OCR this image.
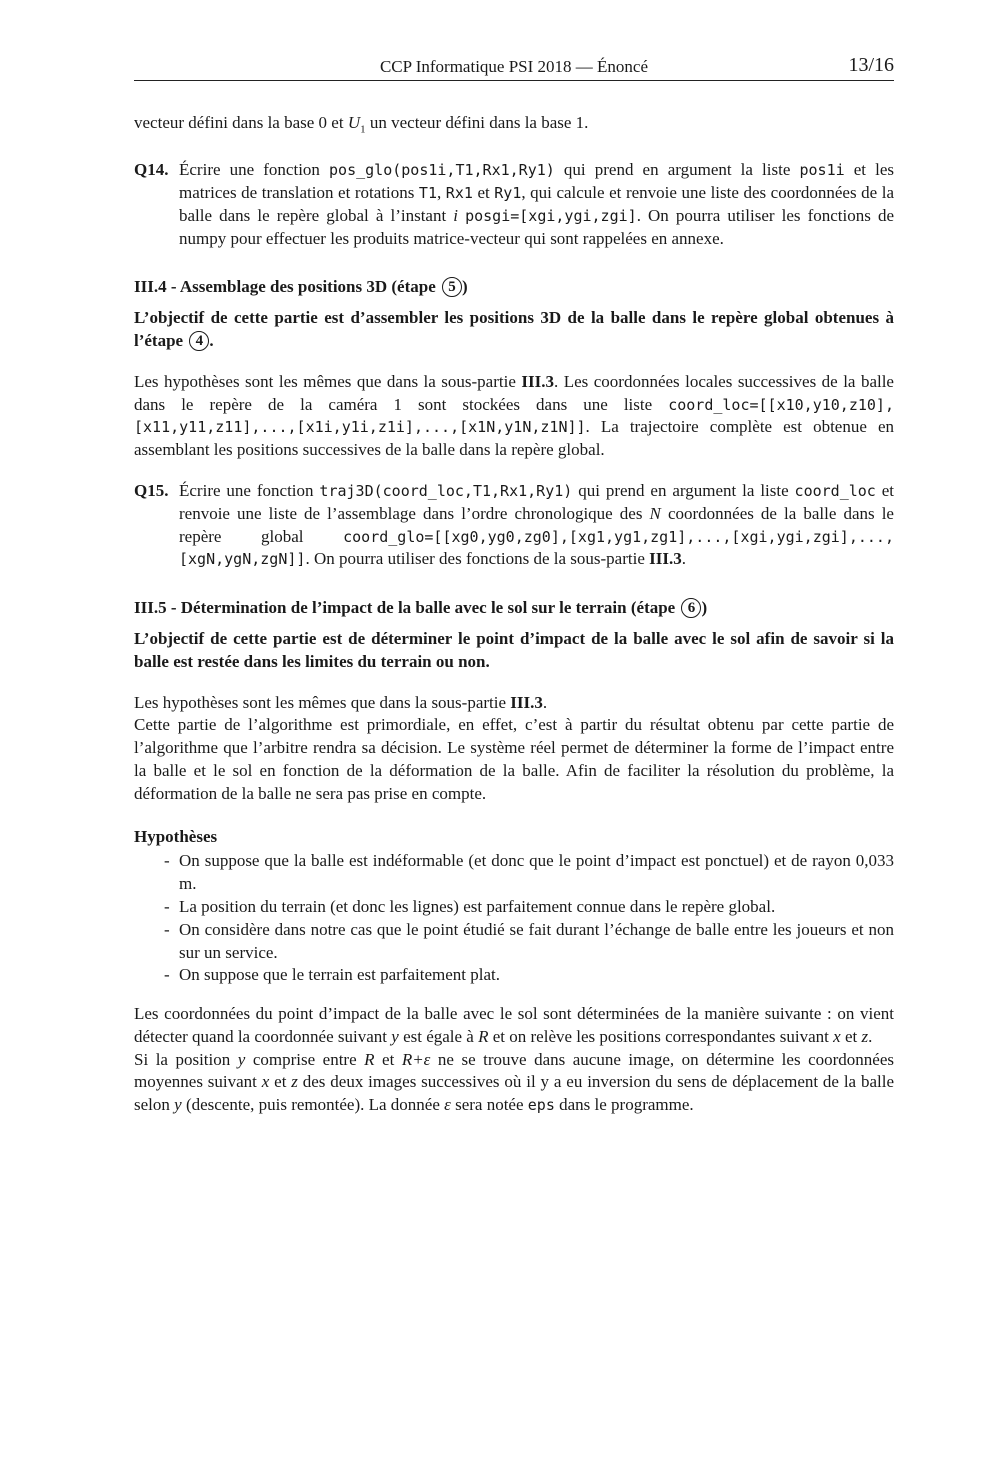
CCP Informatique PSI 2018 — Énoncé	13/16

vecteur défini dans la base 0 et $U_1$ un vecteur défini dans la base 1.

Q14. Écrire une fonction pos_glo(pos1i,T1,Rx1,Ry1) qui prend en argument la liste pos1i et les matrices de translation et rotations T1, Rx1 et Ry1, qui calcule et renvoie une liste des coordonnées de la balle dans le repère global à l’instant i posgi=[xgi,ygi,zgi]. On pourra utiliser les fonctions de numpy pour effectuer les produits matrice-vecteur qui sont rappelées en annexe.
III.4 - Assemblage des positions 3D (étape 5 )

L’objectif de cette partie est d’assembler les positions 3D de la balle dans le repère global obtenues à l’étape 4 .

Les hypothèses sont les mêmes que dans la sous-partie III.3. Les coordonnées locales successives de la balle dans le repère de la caméra 1 sont stockées dans une liste coord_loc=[[x10,y10,z10],[x11,y11,z11],...,[x1i,y1i,z1i],...,[x1N,y1N,z1N]]. La trajectoire complète est obtenue en assemblant les positions successives de la balle dans la repère global.

Q15. Écrire une fonction traj3D(coord_loc,T1,Rx1,Ry1) qui prend en argument la liste coord_loc et renvoie une liste de l’assemblage dans l’ordre chronologique des N coordonnées de la balle dans le repère global coord_glo=[[xg0,yg0,zg0],[xg1,yg1,zg1],...,[xgi,ygi,zgi],...,[xgN,ygN,zgN]]. On pourra utiliser des fonctions de la sous-partie III.3.
III.5 - Détermination de l’impact de la balle avec le sol sur le terrain (étape 6 )

L’objectif de cette partie est de déterminer le point d’impact de la balle avec le sol afin de savoir si la balle est restée dans les limites du terrain ou non.

Les hypothèses sont les mêmes que dans la sous-partie III.3.

Cette partie de l’algorithme est primordiale, en effet, c’est à partir du résultat obtenu par cette partie de l’algorithme que l’arbitre rendra sa décision. Le système réel permet de déterminer la forme de l’impact entre la balle et le sol en fonction de la déformation de la balle. Afin de faciliter la résolution du problème, la déformation de la balle ne sera pas prise en compte.

Hypothèses

- On suppose que la balle est indéformable (et donc que le point d’impact est ponctuel) et de rayon 0,033 m.
- La position du terrain (et donc les lignes) est parfaitement connue dans le repère global.
- On considère dans notre cas que le point étudié se fait durant l’échange de balle entre les joueurs et non sur un service.
- On suppose que le terrain est parfaitement plat.

Les coordonnées du point d’impact de la balle avec le sol sont déterminées de la manière suivante : on vient détecter quand la coordonnée suivant y est égale à R et on relève les positions correspondantes suivant x et z.

Si la position y comprise entre R et R+ε ne se trouve dans aucune image, on détermine les coordonnées moyennes suivant x et z des deux images successives où il y a eu inversion du sens de déplacement de la balle selon y (descente, puis remontée). La donnée ε sera notée eps dans le programme.
